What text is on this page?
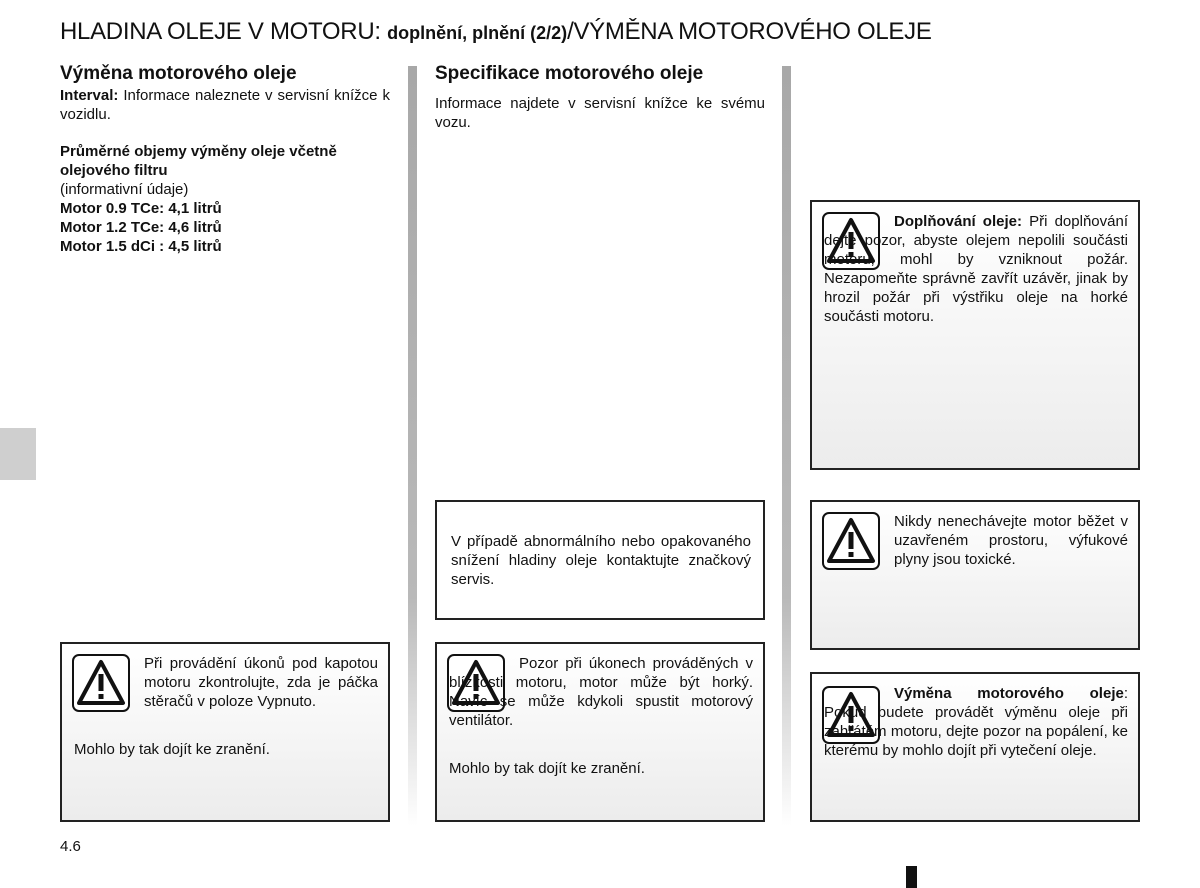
HLADINA OLEJE V MOTORU: doplnění, plnění (2/2)/VÝMĚNA MOTOROVÉHO OLEJE
Výměna motorového oleje
Interval: Informace naleznete v servisní knížce k vozidlu.
Průměrné objemy výměny oleje včetně olejového filtru
(informativní údaje)
Motor 0.9 TCe: 4,1 litrů
Motor 1.2 TCe: 4,6 litrů
Motor 1.5 dCi : 4,5 litrů
Při provádění úkonů pod kapotou motoru zkontrolujte, zda je páčka stěračů v poloze Vypnuto.
Mohlo by tak dojít ke zranění.
Specifikace motorového oleje
Informace najdete v servisní knížce ke svému vozu.
V případě abnormálního nebo opakovaného snížení hladiny oleje kontaktujte značkový servis.
Pozor při úkonech prováděných v blízkosti motoru, motor může být horký. Navíc se může kdykoli spustit motorový ventilátor.
Mohlo by tak dojít ke zranění.
Doplňování oleje: Při doplňování dejte pozor, abyste olejem nepolili součásti motoru, mohl by vzniknout požár. Nezapomeňte správně zavřít uzávěr, jinak by hrozil požár při výstřiku oleje na horké součásti motoru.
Nikdy nenechávejte motor běžet v uzavřeném prostoru, výfukové plyny jsou toxické.
Výměna motorového oleje: Pokud budete provádět výměnu oleje při zahřátém motoru, dejte pozor na popálení, ke kterému by mohlo dojít při vytečení oleje.
4.6
